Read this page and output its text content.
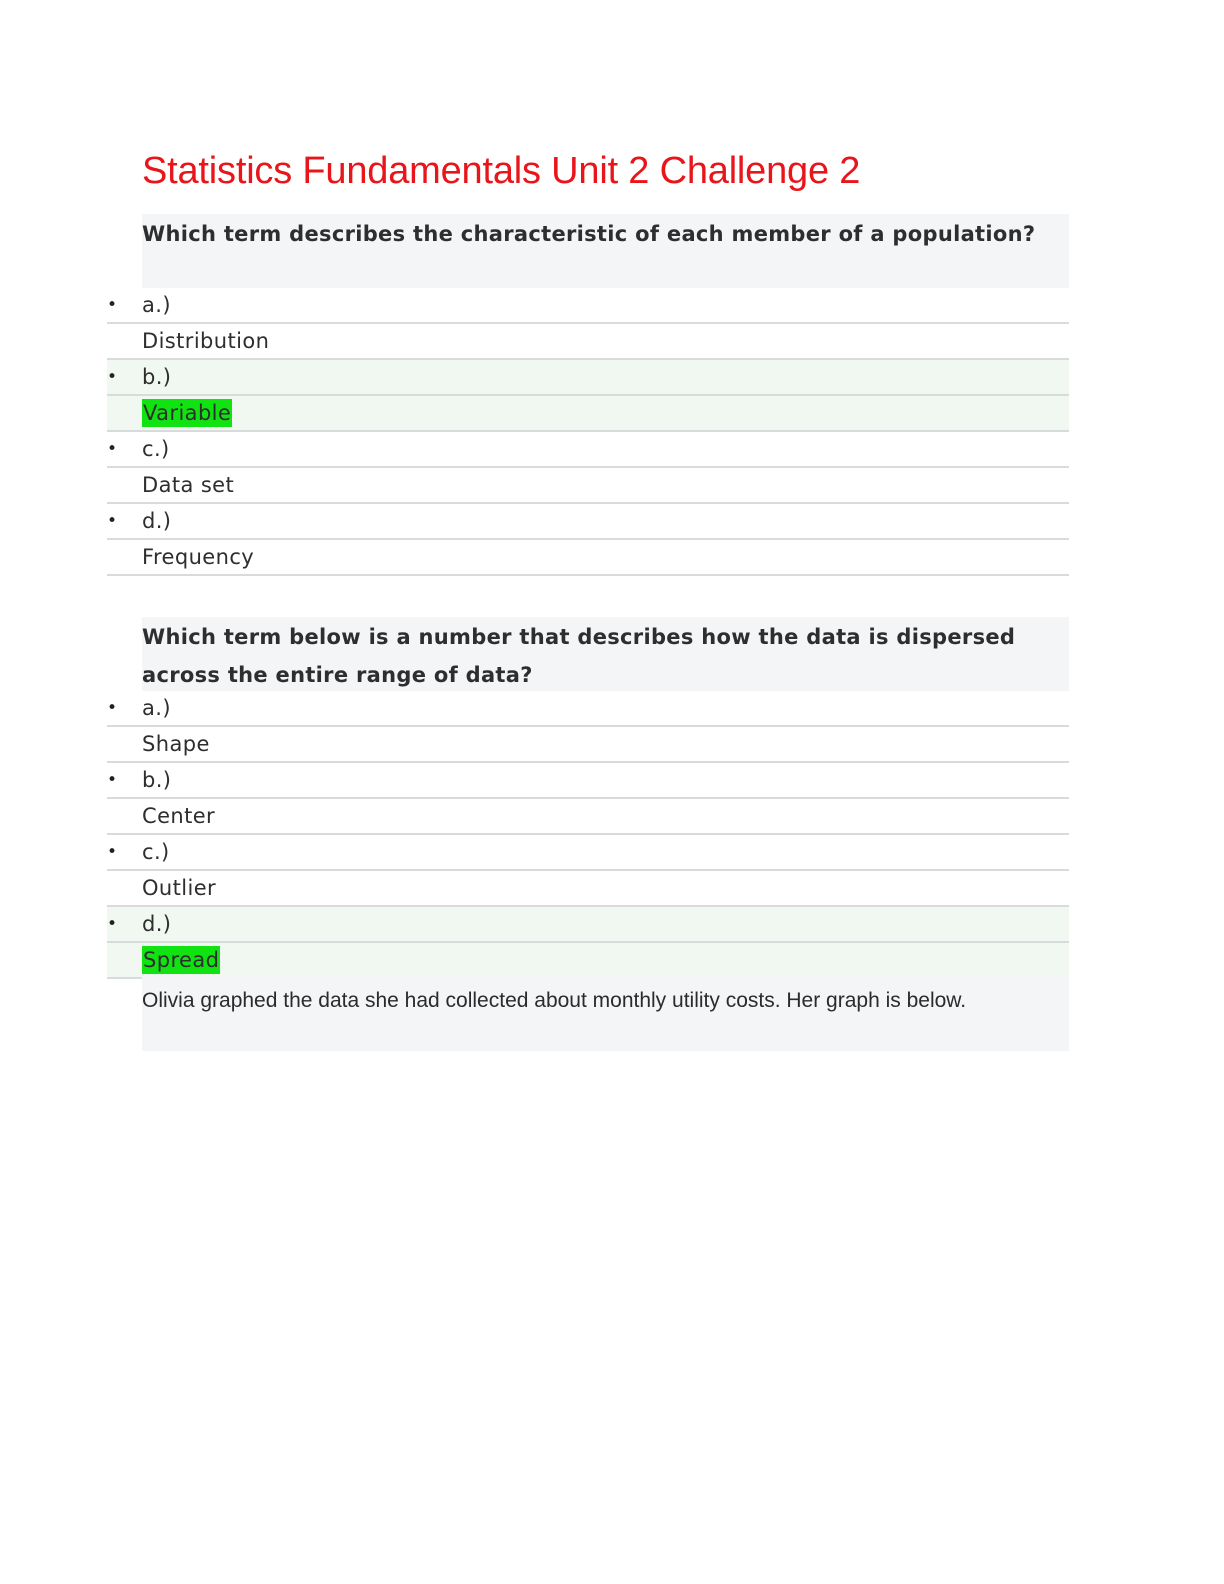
Statistics Fundamentals Unit 2 Challenge 2
Which term describes the characteristic of each member of a population?
• a.)
Distribution
• b.)
Variable
• c.)
Data set
• d.)
Frequency
Which term below is a number that describes how the data is dispersed across the entire range of data?
• a.)
Shape
• b.)
Center
• c.)
Outlier
• d.)
Spread
Olivia graphed the data she had collected about monthly utility costs. Her graph is below.
